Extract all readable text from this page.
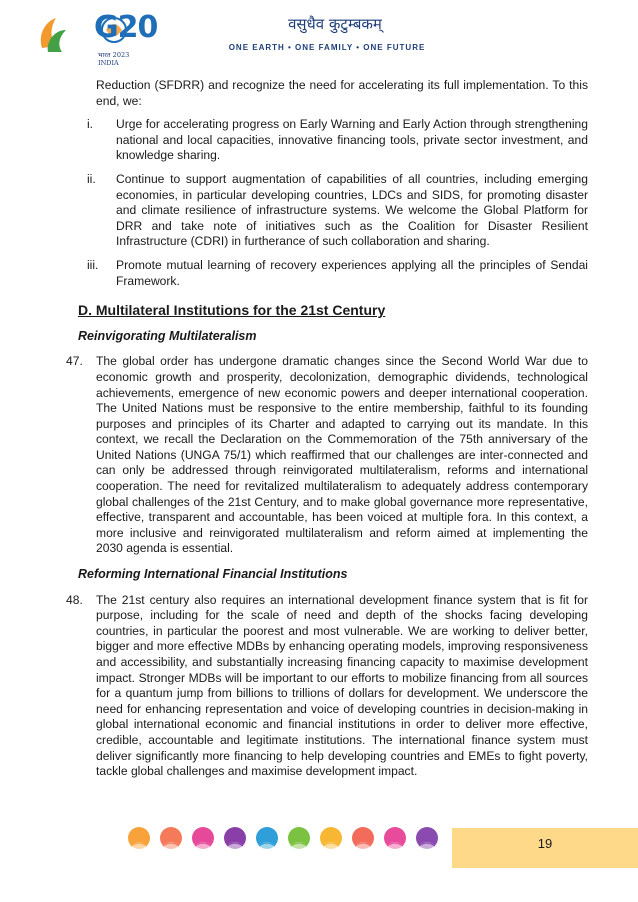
G20
भारत 2023 INDIA
वसुधैव कुटुम्बकम्
ONE EARTH • ONE FAMILY • ONE FUTURE

Reduction (SFDRR) and recognize the need for accelerating its full implementation. To this end, we:

i. Urge for accelerating progress on Early Warning and Early Action through strengthening national and local capacities, innovative financing tools, private sector investment, and knowledge sharing.

ii. Continue to support augmentation of capabilities of all countries, including emerging economies, in particular developing countries, LDCs and SIDS, for promoting disaster and climate resilience of infrastructure systems. We welcome the Global Platform for DRR and take note of initiatives such as the Coalition for Disaster Resilient Infrastructure (CDRI) in furtherance of such collaboration and sharing.

iii. Promote mutual learning of recovery experiences applying all the principles of Sendai Framework.

D. Multilateral Institutions for the 21st Century
Reinvigorating Multilateralism
47. The global order has undergone dramatic changes since the Second World War due to economic growth and prosperity, decolonization, demographic dividends, technological achievements, emergence of new economic powers and deeper international cooperation. The United Nations must be responsive to the entire membership, faithful to its founding purposes and principles of its Charter and adapted to carrying out its mandate. In this context, we recall the Declaration on the Commemoration of the 75th anniversary of the United Nations (UNGA 75/1) which reaffirmed that our challenges are inter-connected and can only be addressed through reinvigorated multilateralism, reforms and international cooperation. The need for revitalized multilateralism to adequately address contemporary global challenges of the 21st Century, and to make global governance more representative, effective, transparent and accountable, has been voiced at multiple fora. In this context, a more inclusive and reinvigorated multilateralism and reform aimed at implementing the 2030 agenda is essential.

Reforming International Financial Institutions
48. The 21st century also requires an international development finance system that is fit for purpose, including for the scale of need and depth of the shocks facing developing countries, in particular the poorest and most vulnerable. We are working to deliver better, bigger and more effective MDBs by enhancing operating models, improving responsiveness and accessibility, and substantially increasing financing capacity to maximise development impact. Stronger MDBs will be important to our efforts to mobilize financing from all sources for a quantum jump from billions to trillions of dollars for development. We underscore the need for enhancing representation and voice of developing countries in decision-making in global international economic and financial institutions in order to deliver more effective, credible, accountable and legitimate institutions. The international finance system must deliver significantly more financing to help developing countries and EMEs to fight poverty, tackle global challenges and maximise development impact.

19
